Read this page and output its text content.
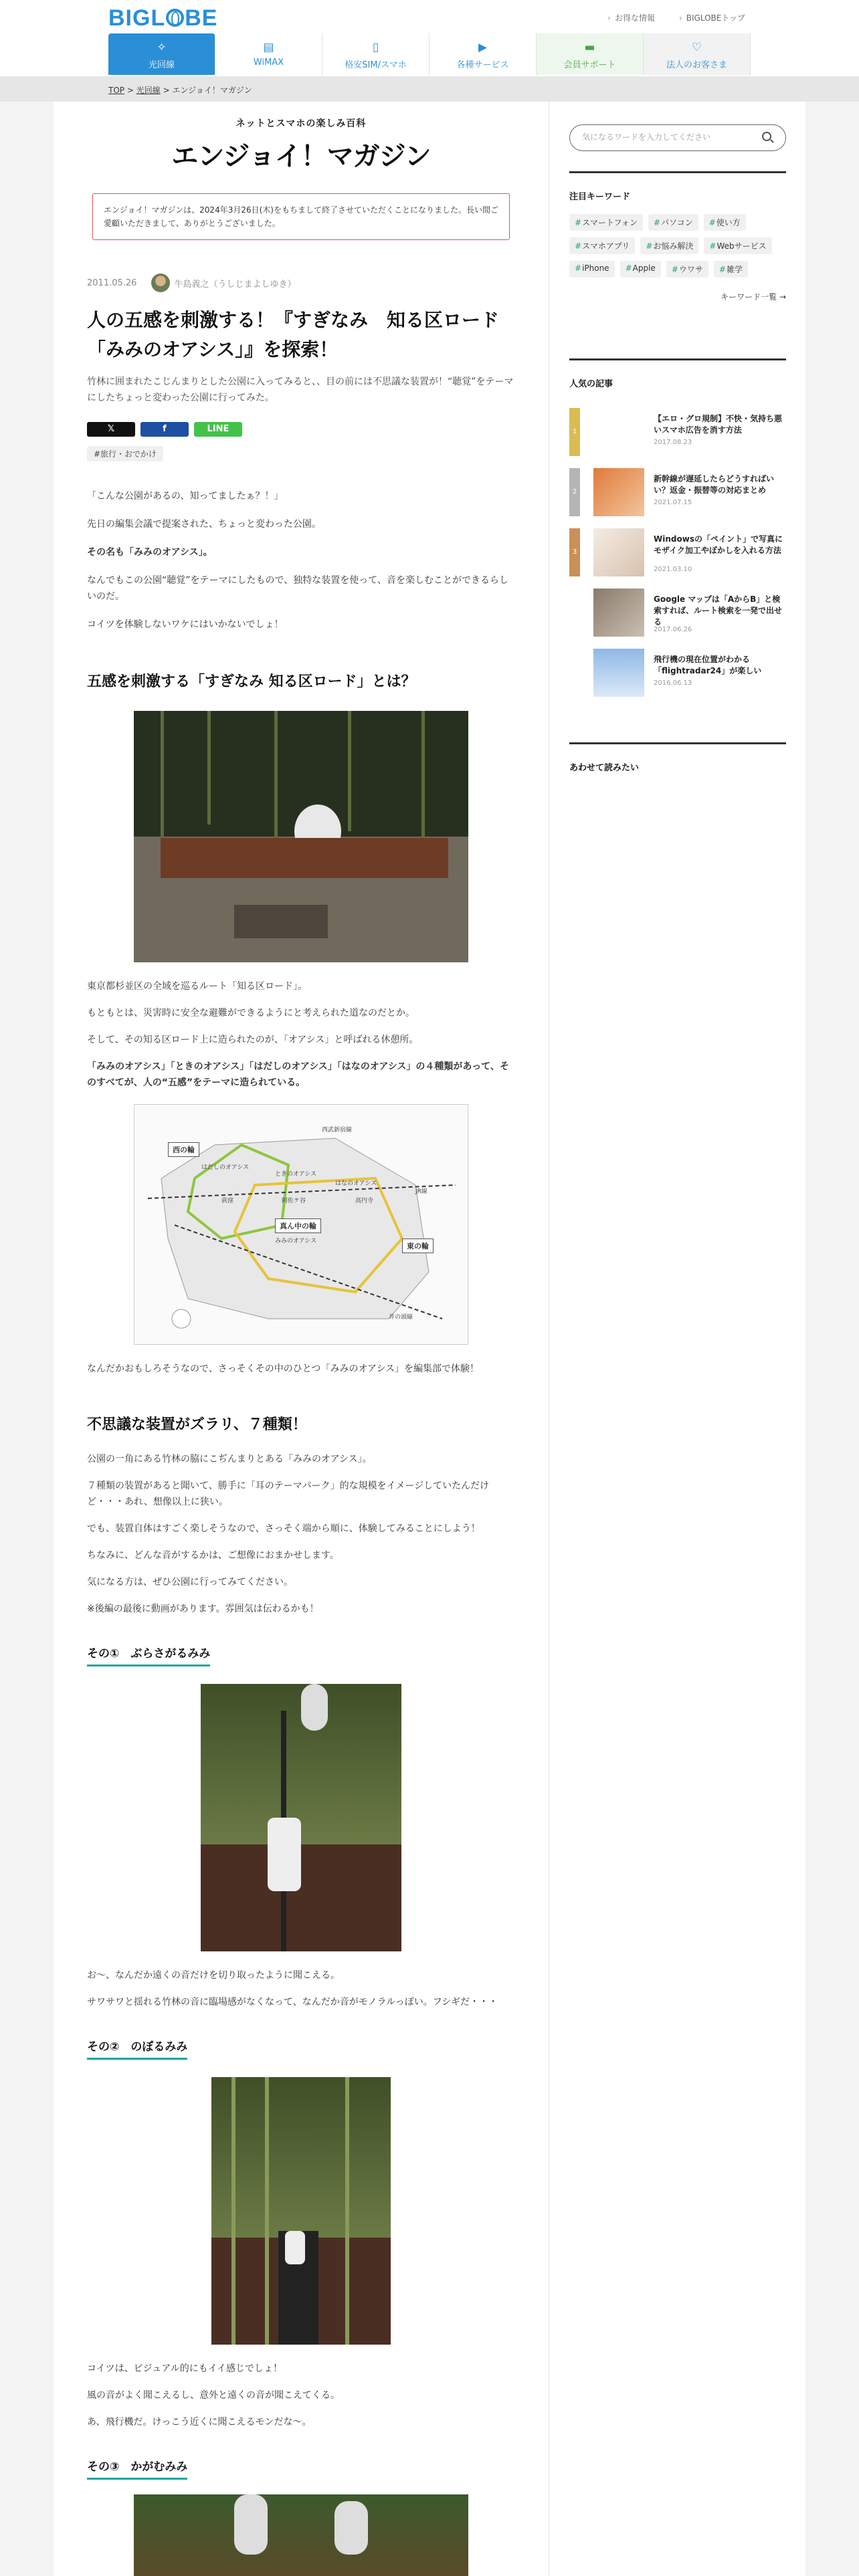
BIGL BE	› お得な情報	› BIGLOBEトップ
✧
光回線
▤
WiMAX
▯
格安SIM/スマホ
▶
各種サービス
▬
会員サポート
♡
法人のお客さま
TOP > 光回線 > エンジョイ！マガジン
ネットとスマホの楽しみ百科
エンジョイ！マガジン
エンジョイ！マガジンは、2024年3月26日(木)をもちまして終了させていただくことになりました。長い間ご愛顧いただきまして、ありがとうございました。
2011.05.26	牛島義之（うしじまよしゆき）
人の五感を刺激する！『すぎなみ　知る区ロード「みみのオアシス」』を探索！

竹林に囲まれたこじんまりとした公園に入ってみると、、目の前には不思議な装置が！“聴覚”をテーマにしたちょっと変わった公園に行ってみた。

𝕏	f	LINE
#旅行・おでかけ

「こんな公園があるの、知ってましたぁ？！」

先日の編集会議で提案された、ちょっと変わった公園。

その名も「みみのオアシス」。

なんでもこの公園“聴覚”をテーマにしたもので、独特な装置を使って、音を楽しむことができるらしいのだ。

コイツを体験しないワケにはいかないでしょ！

五感を刺激する「すぎなみ 知る区ロード」とは？

東京都杉並区の全域を巡るルート「知る区ロード」。

もともとは、災害時に安全な避難ができるようにと考えられた道なのだとか。

そして、その知る区ロード上に造られたのが、「オアシス」と呼ばれる休憩所。

「みみのオアシス」「ときのオアシス」「はだしのオアシス」「はなのオアシス」の４種類があって、そのすべてが、人の“五感”をテーマに造られている。

西の輪
真ん中の輪
東の輪
西武新宿線
JR線
井の頭線
ときのオアシス
はだしのオアシス
はなのオアシス
みみのオアシス
荻窪	阿佐ケ谷	高円寺

なんだかおもしろそうなので、さっそくその中のひとつ「みみのオアシス」を編集部で体験！

不思議な装置がズラリ、７種類！

公園の一角にある竹林の脇にこぢんまりとある「みみのオアシス」。

７種類の装置があると聞いて、勝手に「耳のテーマパーク」的な規模をイメージしていたんだけど・・・あれ、想像以上に狭い。

でも、装置自体はすごく楽しそうなので、さっそく端から順に、体験してみることにしよう！

ちなみに、どんな音がするかは、ご想像におまかせします。

気になる方は、ぜひ公園に行ってみてください。

※後編の最後に動画があります。雰囲気は伝わるかも！

その①　ぶらさがるみみ

お〜、なんだか遠くの音だけを切り取ったように聞こえる。

サワサワと揺れる竹林の音に臨場感がなくなって、なんだか音がモノラルっぽい。フシギだ・・・

その②　のぼるみみ

コイツは、ビジュアル的にもイイ感じでしょ！

風の音がよく聞こえるし、意外と遠くの音が聞こえてくる。

あ、飛行機だ。けっこう近くに聞こえるモンだな〜。

その③　かがむみみ
気になるワードを入力してください
注目キーワード
#スマートフォン	#パソコン	#使い方
#スマホアプリ	#お悩み解決	#Webサービス
#iPhone	#Apple	#ウワサ	#雑学
キーワード一覧 →
人気の記事
1
【エロ・グロ規制】不快・気持ち悪いスマホ広告を消す方法
2017.08.23
2
新幹線が遅延したらどうすればいい？返金・振替等の対応まとめ
2021.07.15
3
Windowsの「ペイント」で写真にモザイク加工やぼかしを入れる方法
2021.03.10
Google マップは「AからB」と検索すれば、ルート検索を一発で出せる
2017.06.26
飛行機の現在位置がわかる「flightradar24」が楽しい
2016.06.13
あわせて読みたい
